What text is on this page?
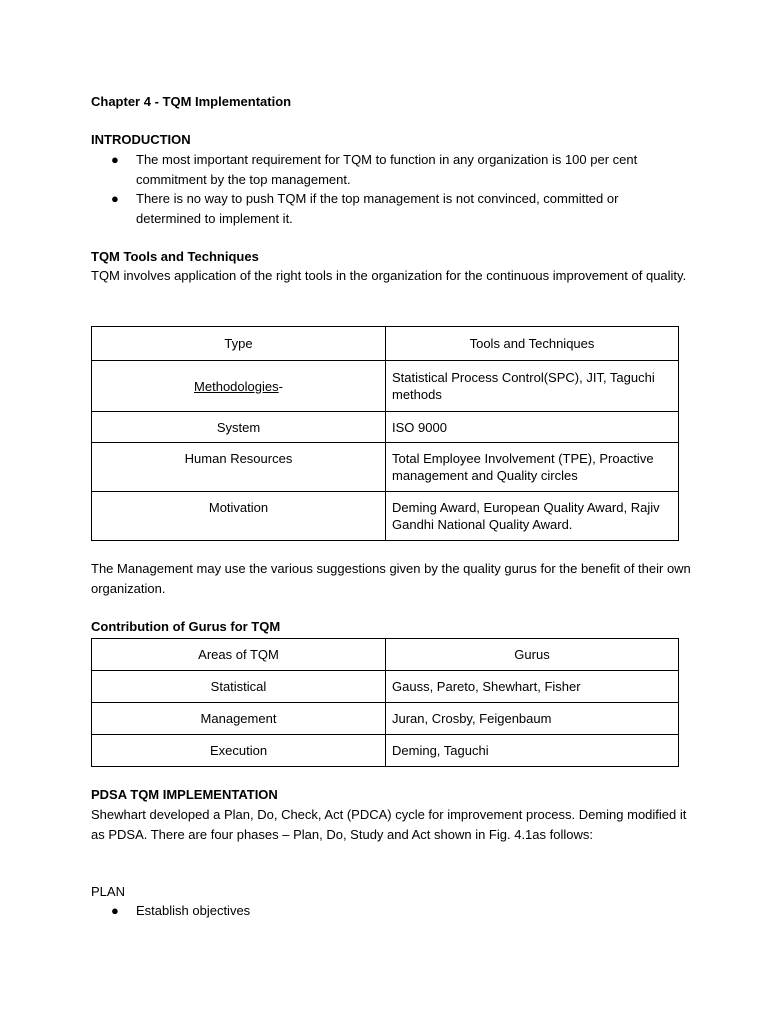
Chapter 4 - TQM Implementation
INTRODUCTION
● The most important requirement for TQM to function in any organization is 100 per cent commitment by the top management.
● There is no way to push TQM if the top management is not convinced, committed or determined to implement it.
TQM Tools and Techniques

TQM involves application of the right tools in the organization for the continuous improvement of quality.

Type	Tools and Techniques
Methodologies-	Statistical Process Control(SPC), JIT, Taguchi methods
System	ISO 9000
Human Resources	Total Employee Involvement (TPE), Proactive management and Quality circles
Motivation	Deming Award, European Quality Award, Rajiv Gandhi National Quality Award.

The Management may use the various suggestions given by the quality gurus for the benefit of their own organization.

Contribution of Gurus for TQM
Areas of TQM	Gurus
Statistical	Gauss, Pareto, Shewhart, Fisher
Management	Juran, Crosby, Feigenbaum
Execution	Deming, Taguchi
PDSA TQM IMPLEMENTATION

Shewhart developed a Plan, Do, Check, Act (PDCA) cycle for improvement process. Deming modified it as PDSA. There are four phases – Plan, Do, Study and Act shown in Fig. 4.1as follows:

PLAN
● Establish objectives
